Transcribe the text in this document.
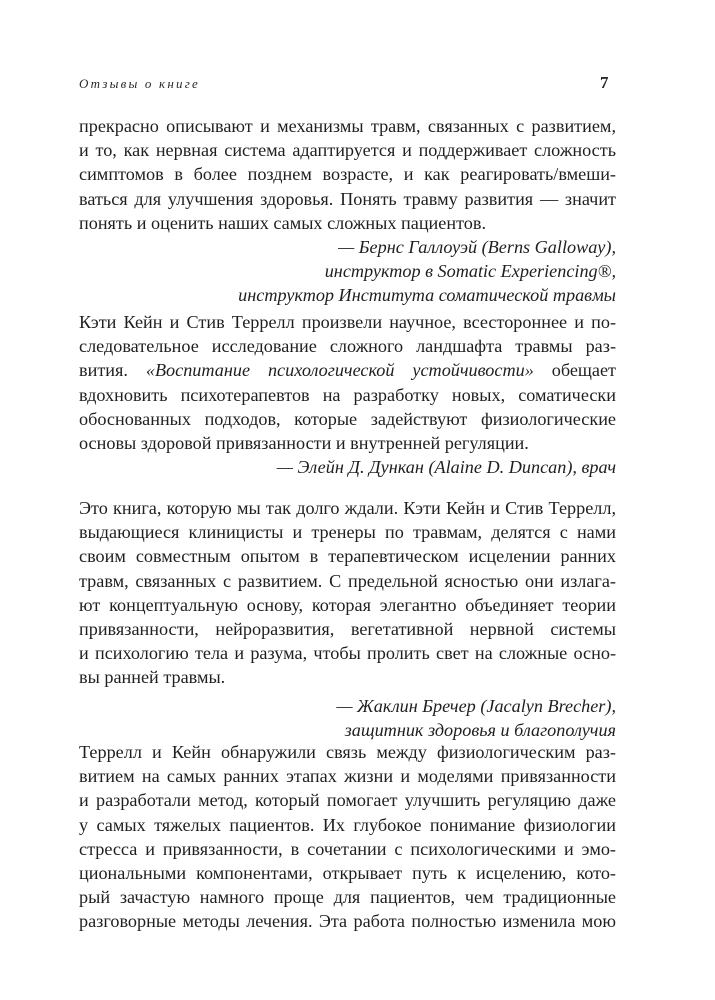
Отзывы о книге	7
прекрасно описывают и механизмы травм, связанных с развитием,
и то, как нервная система адаптируется и поддерживает сложность
симптомов в более позднем возрасте, и как реагировать/вмеши-
ваться для улучшения здоровья. Понять травму развития — значит
понять и оценить наших самых сложных пациентов.
— Бернс Галлоуэй (Berns Galloway),
инструктор в Somatic Experiencing®,
инструктор Института соматической травмы
Кэти Кейн и Стив Террелл произвели научное, всестороннее и по-
следовательное исследование сложного ландшафта травмы раз-
вития. «Воспитание психологической устойчивости» обещает
вдохновить психотерапевтов на разработку новых, соматически
обоснованных подходов, которые задействуют физиологические
основы здоровой привязанности и внутренней регуляции.
— Элейн Д. Дункан (Alaine D. Duncan), врач
Это книга, которую мы так долго ждали. Кэти Кейн и Стив Террелл,
выдающиеся клиницисты и тренеры по травмам, делятся с нами
своим совместным опытом в терапевтическом исцелении ранних
травм, связанных с развитием. С предельной ясностью они излага-
ют концептуальную основу, которая элегантно объединяет теории
привязанности, нейроразвития, вегетативной нервной системы
и психологию тела и разума, чтобы пролить свет на сложные осно-
вы ранней травмы.
— Жаклин Бречер (Jacalyn Brecher),
защитник здоровья и благополучия
Террелл и Кейн обнаружили связь между физиологическим раз-
витием на самых ранних этапах жизни и моделями привязанности
и разработали метод, который помогает улучшить регуляцию даже
у самых тяжелых пациентов. Их глубокое понимание физиологии
стресса и привязанности, в сочетании с психологическими и эмо-
циональными компонентами, открывает путь к исцелению, кото-
рый зачастую намного проще для пациентов, чем традиционные
разговорные методы лечения. Эта работа полностью изменила мою
